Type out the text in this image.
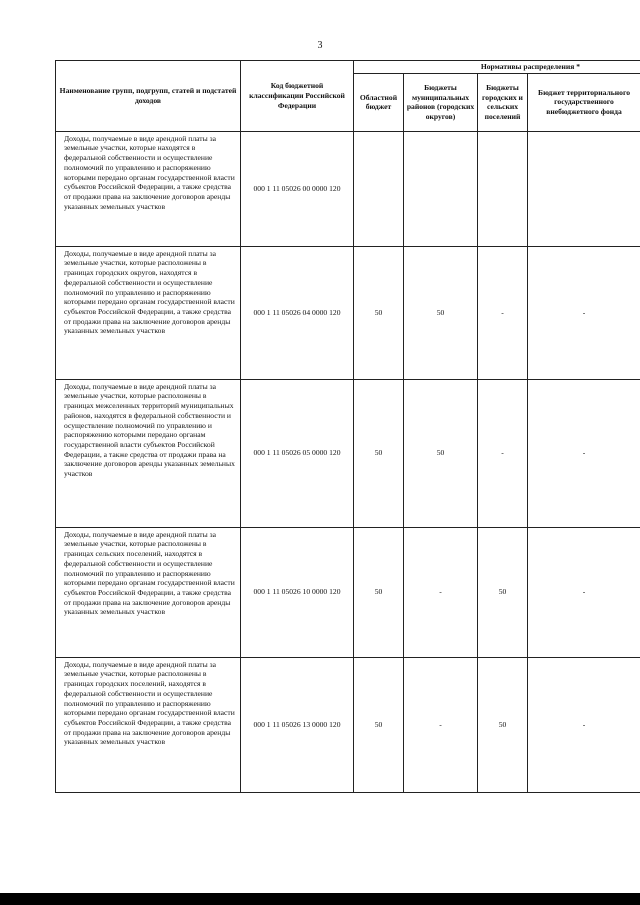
3
Наименование групп, подгрупп, статей и подстатей доходов	Код бюджетной классификации Российской Федерации	Нормативы распределения *			
		Областной бюджет	Бюджеты муниципальных районов (городских округов)	Бюджеты городских и сельских поселений	Бюджет территориального государственного внебюджетного фонда
Доходы, получаемые в виде арендной платы за земельные участки, которые находятся в федеральной собственности и осуществление полномочий по управлению и распоряжению которыми передано органам государственной власти субъектов Российской Федерации, а также средства от продажи права на заключение договоров аренды указанных земельных участков	000 1 11 05026 00 0000 120				
Доходы, получаемые в виде арендной платы за земельные участки, которые расположены в границах городских округов, находятся в федеральной собственности и осуществление полномочий по управлению и распоряжению которыми передано органам государственной власти субъектов Российской Федерации, а также средства от продажи права на заключение договоров аренды указанных земельных участков	000 1 11 05026 04 0000 120	50	50	-	-
Доходы, получаемые в виде арендной платы за земельные участки, которые расположены в границах межселенных территорий муниципальных районов, находятся в федеральной собственности и осуществление полномочий по управлению и распоряжению которыми передано органам государственной власти субъектов Российской Федерации, а также средства от продажи права на заключение договоров аренды указанных земельных участков	000 1 11 05026 05 0000 120	50	50	-	-
Доходы, получаемые в виде арендной платы за земельные участки, которые расположены в границах сельских поселений, находятся в федеральной собственности и осуществление полномочий по управлению и распоряжению которыми передано органам государственной власти субъектов Российской Федерации, а также средства от продажи права на заключение договоров аренды указанных земельных участков	000 1 11 05026 10 0000 120	50	-	50	-
Доходы, получаемые в виде арендной платы за земельные участки, которые расположены в границах городских поселений, находятся в федеральной собственности и осуществление полномочий по управлению и распоряжению которыми передано органам государственной власти субъектов Российской Федерации, а также средства от продажи права на заключение договоров аренды указанных земельных участков	000 1 11 05026 13 0000 120	50	-	50	-
